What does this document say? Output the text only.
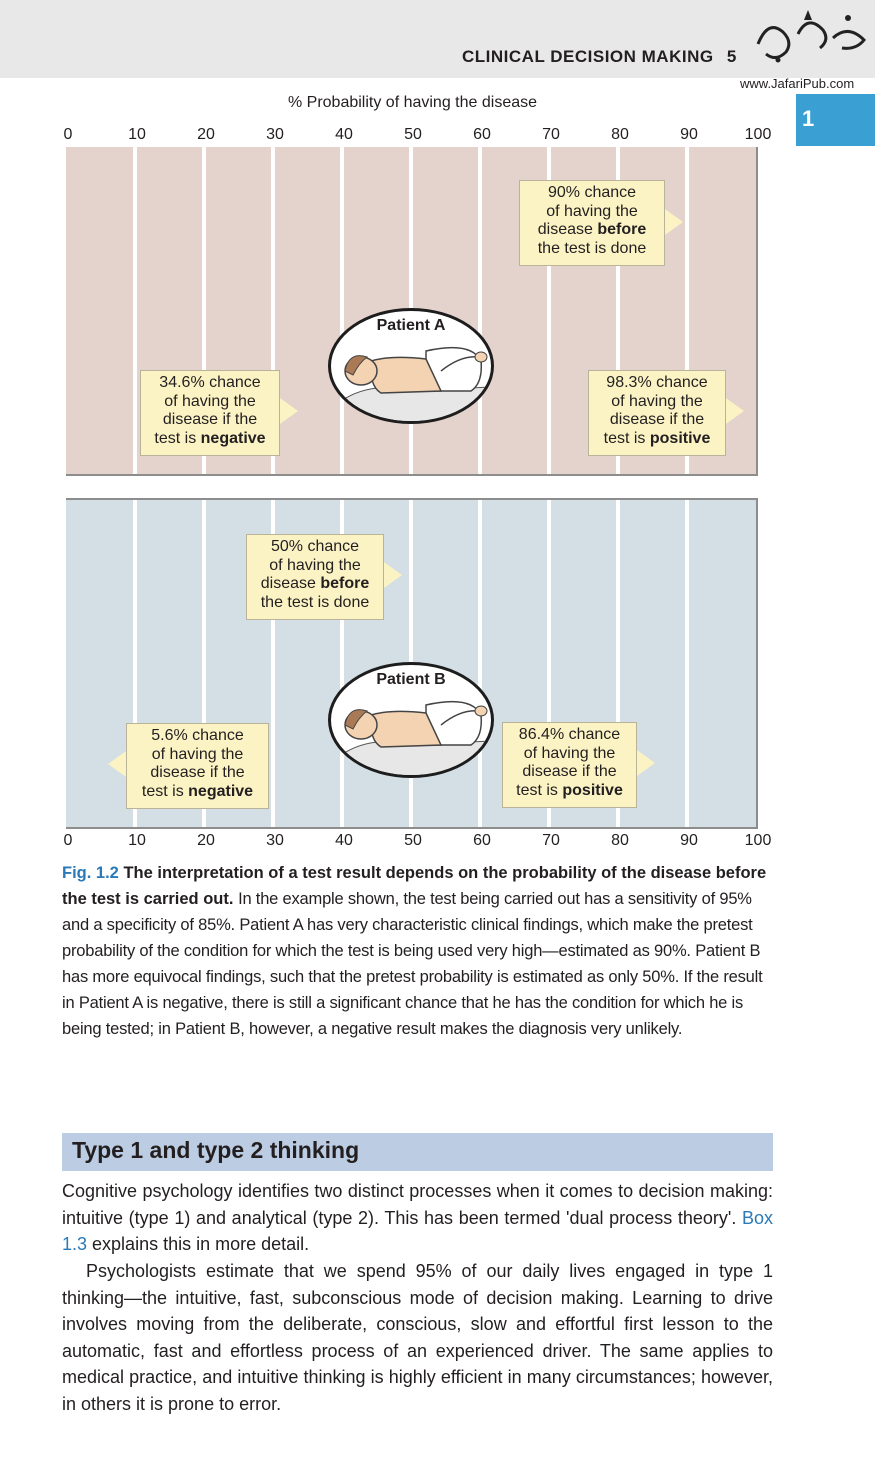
CLINICAL DECISION MAKING 5
www.JafariPub.com
1
% Probability of having the disease
0	10	20	30	40	50	60	70	80	90	100
0	10	20	30	40	50	60	70	80	90	100
90% chance
of having the
disease before
the test is done
34.6% chance
of having the
disease if the
test is negative
98.3% chance
of having the
disease if the
test is positive
Patient A
50% chance
of having the
disease before
the test is done
5.6% chance
of having the
disease if the
test is negative
86.4% chance
of having the
disease if the
test is positive
Patient B
Fig. 1.2 The interpretation of a test result depends on the probability of the disease before the test is carried out. In the example shown, the test being carried out has a sensitivity of 95% and a specificity of 85%. Patient A has very characteristic clinical findings, which make the pretest probability of the condition for which the test is being used very high—estimated as 90%. Patient B has more equivocal findings, such that the pretest probability is estimated as only 50%. If the result in Patient A is negative, there is still a significant chance that he has the condition for which he is being tested; in Patient B, however, a negative result makes the diagnosis very unlikely.
Type 1 and type 2 thinking
Cognitive psychology identifies two distinct processes when it comes to decision making: intuitive (type 1) and analytical (type 2). This has been termed 'dual process theory'. Box 1.3 explains this in more detail.
Psychologists estimate that we spend 95% of our daily lives engaged in type 1 thinking—the intuitive, fast, subconscious mode of decision making. Learning to drive involves moving from the deliberate, conscious, slow and effortful first lesson to the automatic, fast and effortless process of an experienced driver. The same applies to medical practice, and intuitive thinking is highly efficient in many circumstances; however, in others it is prone to error.
